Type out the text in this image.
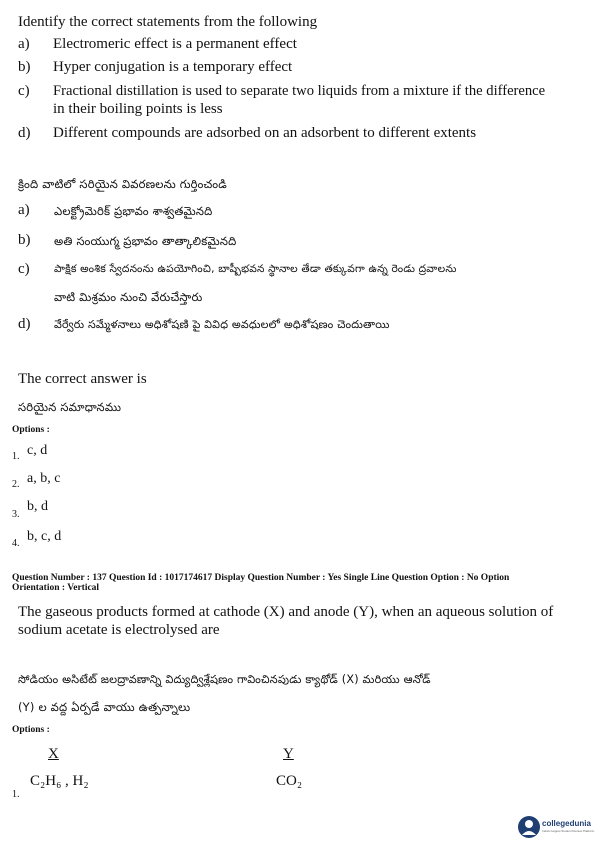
Identify the correct statements from the following
a) Electromeric effect is a permanent effect
b) Hyper conjugation is a temporary effect
c) Fractional distillation is used to separate two liquids from a mixture if the difference
in their boiling points is less
d) Different compounds are adsorbed on an adsorbent to different extents
క్రింది వాటిలో సరియైన వివరణలను గుర్తించండి
a) ఎలక్ట్రోమెరిక్ ప్రభావం శాశ్వతమైనది
b) అతి సంయుగ్మ ప్రభావం తాత్కాలికమైనది
c) పాక్షిక అంశిక స్వేదనంను ఉపయోగించి, బాష్పీభవన స్థానాల తేడా తక్కువగా ఉన్న రెండు ద్రవాలను
వాటి మిశ్రమం నుంచి వేరుచేస్తారు
d) వేర్వేరు సమ్మేళనాలు అధిశోషణి పై వివిధ అవధులలో అధిశోషణం చెందుతాయి
The correct answer is
సరియైన సమాధానము
Options :
1. c, d
2. a, b, c
3.
b, d
4. b, c, d
Question Number : 137 Question Id : 1017174617 Display Question Number : Yes Single Line Question Option : No Option
Orientation : Vertical
The gaseous products formed at cathode (X) and anode (Y), when an aqueous solution of
sodium acetate is electrolysed are
సోడియం అసిటేట్ జలద్రావణాన్ని విద్యుద్విశ్లేషణం గావించినపుడు క్యాథోడ్ (X) మరియు ఆనోడ్
(Y) ల వద్ద ఏర్పడే వాయు ఉత్పన్నాలు
Options :
X	Y
1.
C₂H₆ , H₂	CO₂
collegedunia
India's largest Student Review Platform
